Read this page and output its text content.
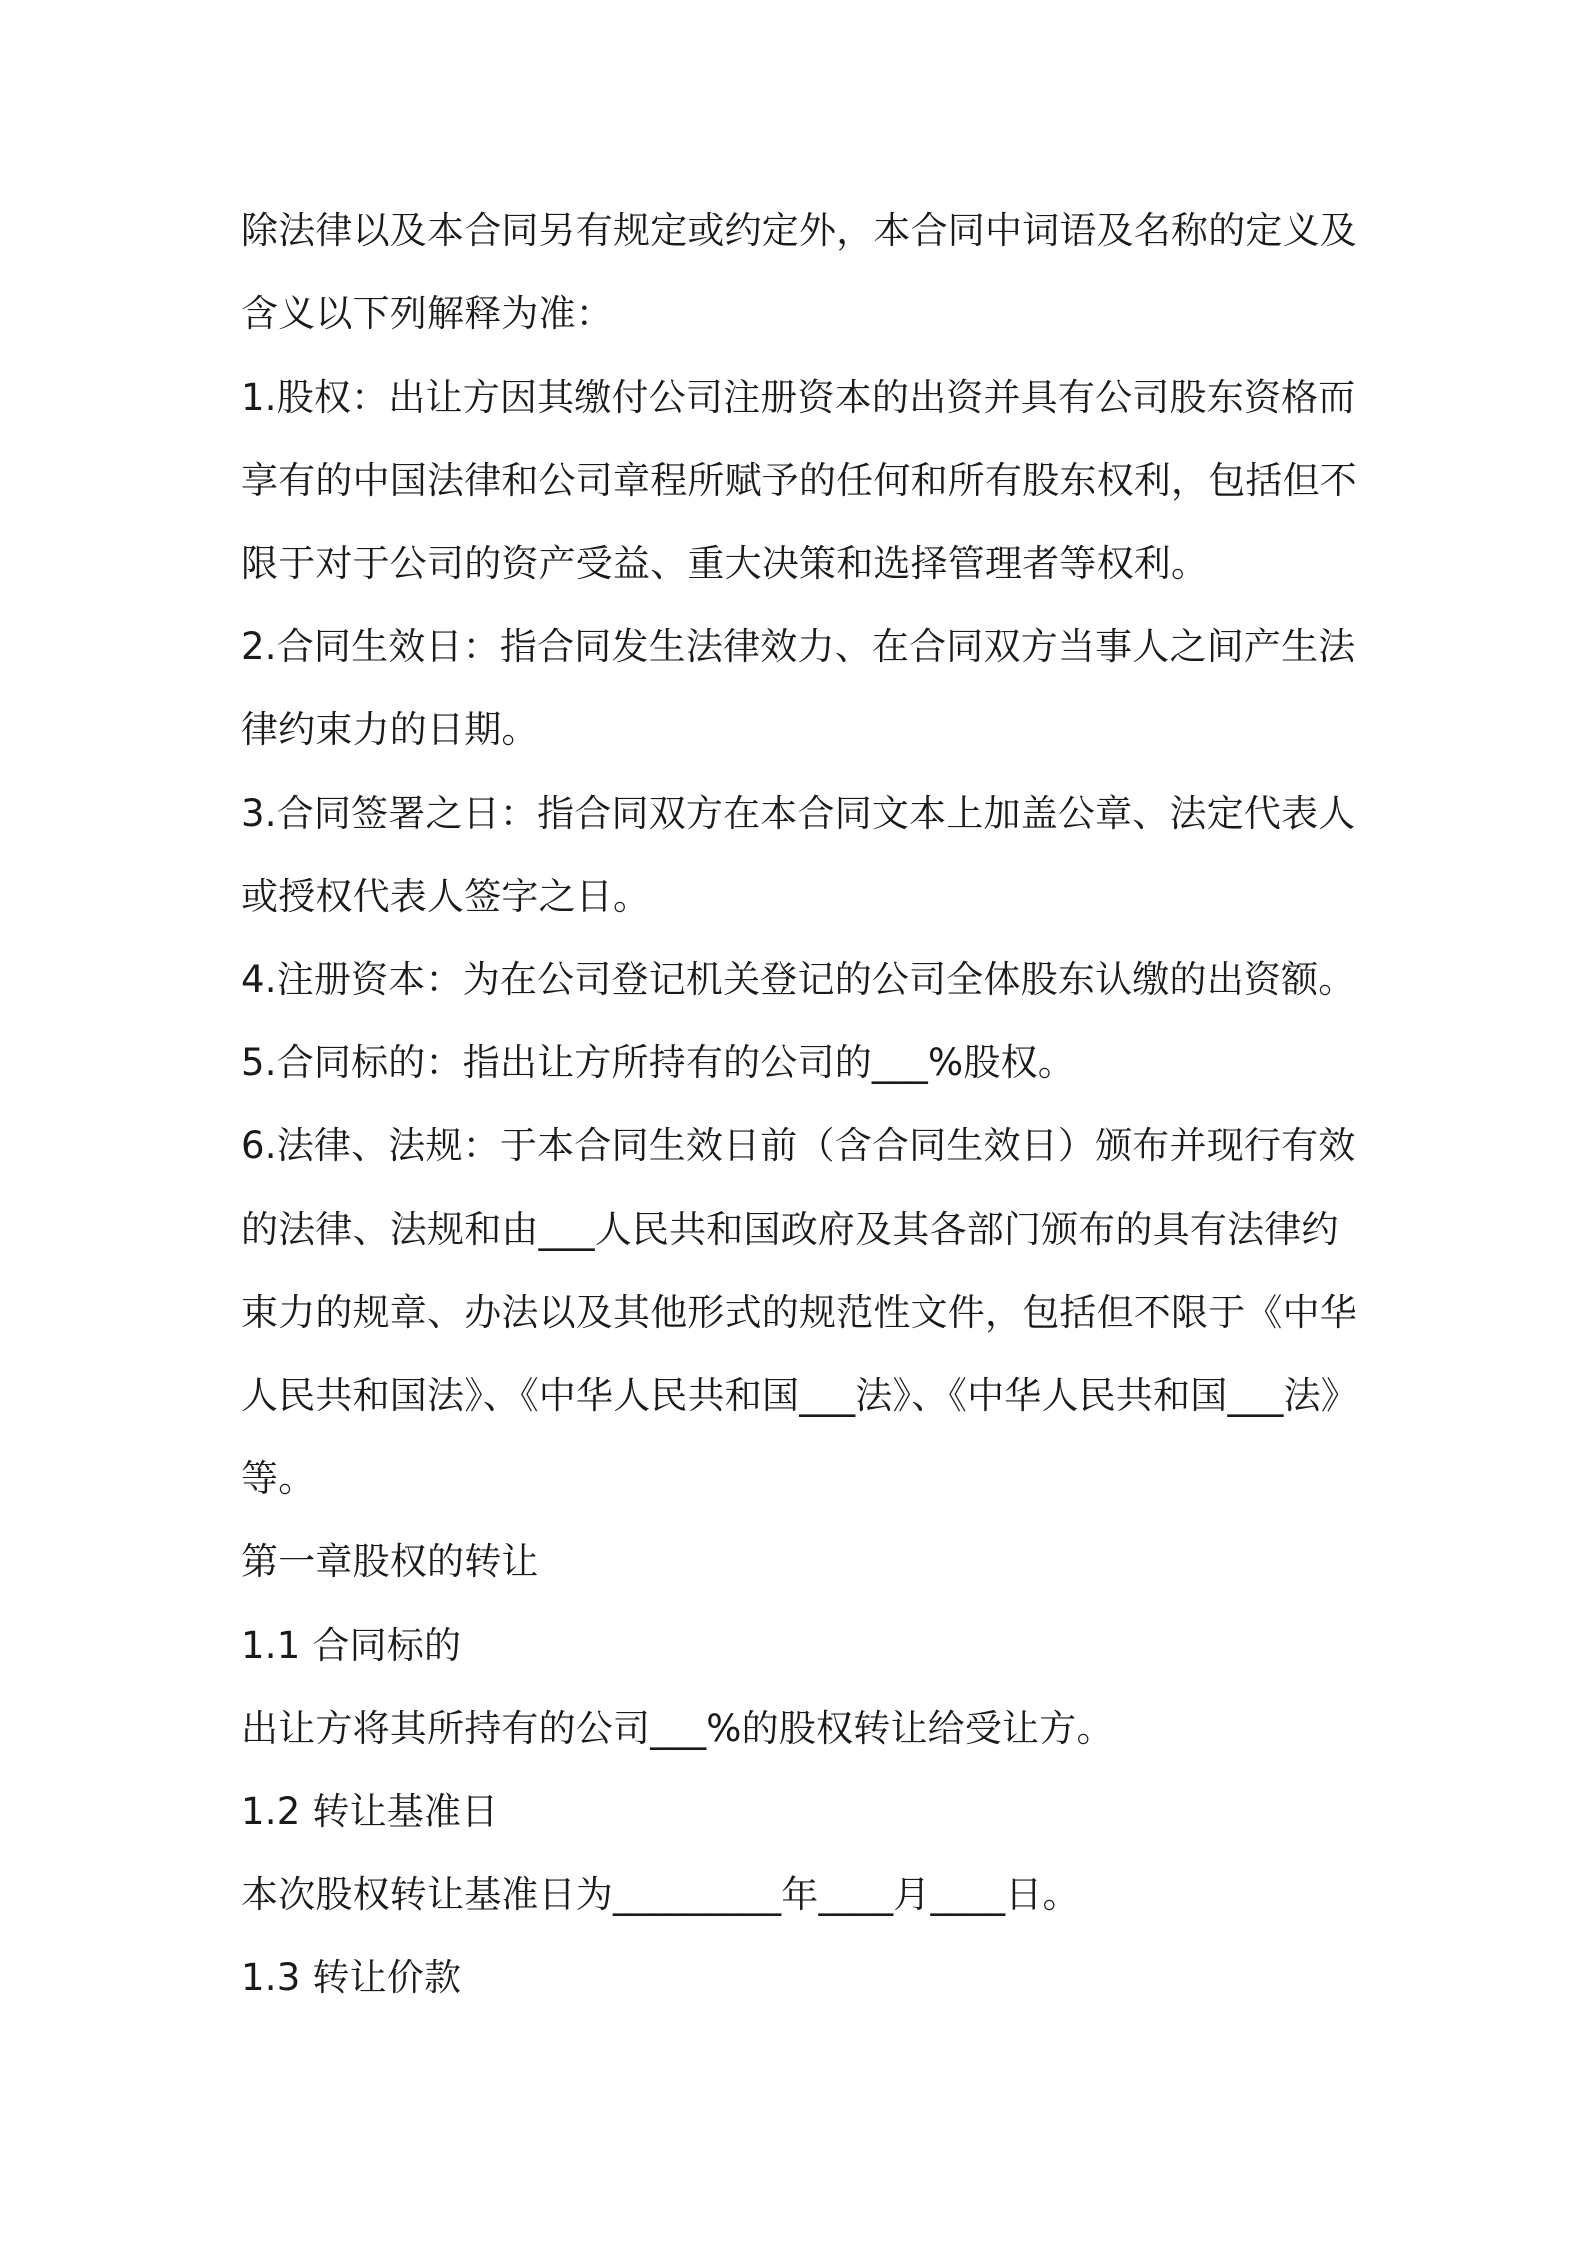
除法律以及本合同另有规定或约定外，本合同中词语及名称的定义及
含义以下列解释为准：
1.股权：出让方因其缴付公司注册资本的出资并具有公司股东资格而
享有的中国法律和公司章程所赋予的任何和所有股东权利，包括但不
限于对于公司的资产受益、重大决策和选择管理者等权利。
2.合同生效日：指合同发生法律效力、在合同双方当事人之间产生法
律约束力的日期。
3.合同签署之日：指合同双方在本合同文本上加盖公章、法定代表人
或授权代表人签字之日。
4.注册资本：为在公司登记机关登记的公司全体股东认缴的出资额。
5.合同标的：指出让方所持有的公司的___%股权。
6.法律、法规：于本合同生效日前（含合同生效日）颁布并现行有效
的法律、法规和由___人民共和国政府及其各部门颁布的具有法律约
束力的规章、办法以及其他形式的规范性文件，包括但不限于《中华
人民共和国法》、《中华人民共和国___法》、《中华人民共和国___法》
等。
第一章股权的转让
1.1 合同标的
出让方将其所持有的公司___%的股权转让给受让方。
1.2 转让基准日
本次股权转让基准日为_________年____月____日。
1.3 转让价款
